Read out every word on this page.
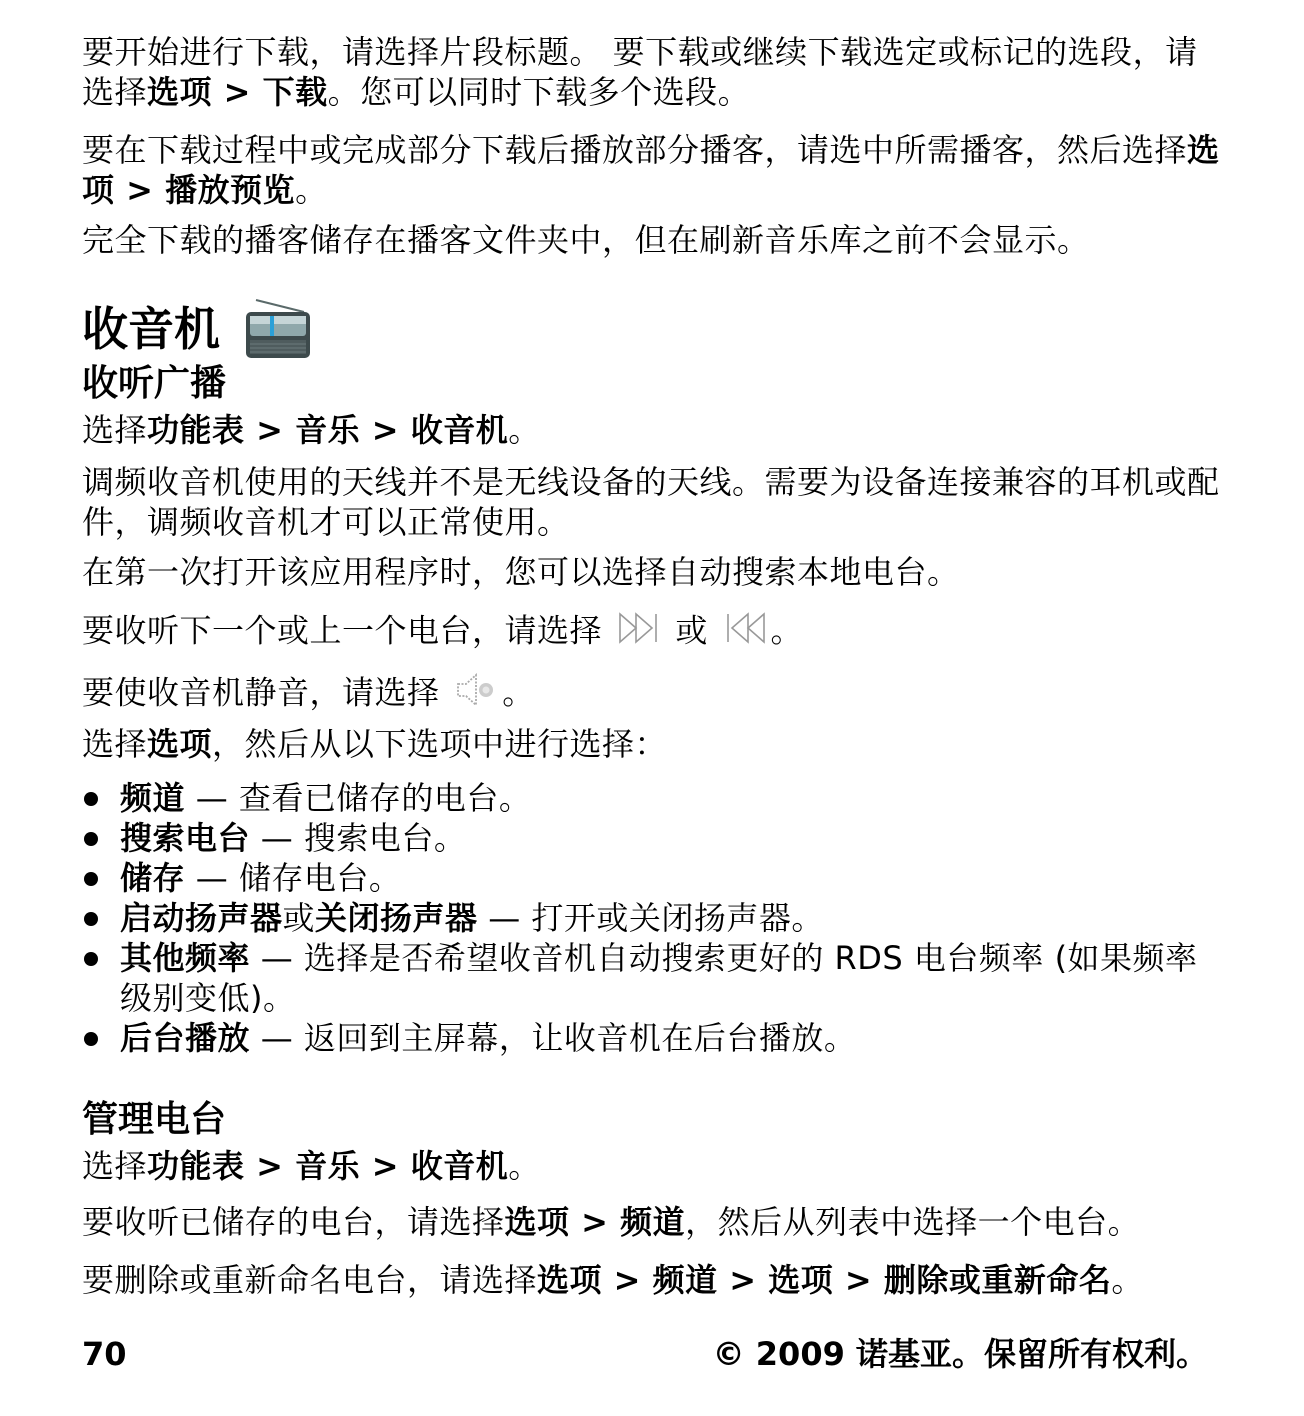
要开始进行下载，请选择片段标题。 要下载或继续下载选定或标记的选段，请选择选项 > 下载。您可以同时下载多个选段。

要在下载过程中或完成部分下载后播放部分播客，请选中所需播客，然后选择选项 > 播放预览。

完全下载的播客储存在播客文件夹中，但在刷新音乐库之前不会显示。

收音机
收听广播

选择功能表 > 音乐 > 收音机。

调频收音机使用的天线并不是无线设备的天线。需要为设备连接兼容的耳机或配件，调频收音机才可以正常使用。

在第一次打开该应用程序时，您可以选择自动搜索本地电台。

要收听下一个或上一个电台，请选择  或 。

要使收音机静音，请选择 。

选择选项，然后从以下选项中进行选择：

频道 — 查看已储存的电台。
搜索电台 — 搜索电台。
储存 — 储存电台。
启动扬声器或关闭扬声器 — 打开或关闭扬声器。
其他频率 — 选择是否希望收音机自动搜索更好的 RDS 电台频率 (如果频率级别变低)。
后台播放 — 返回到主屏幕，让收音机在后台播放。
管理电台

选择功能表 > 音乐 > 收音机。

要收听已储存的电台，请选择选项 > 频道，然后从列表中选择一个电台。

要删除或重新命名电台，请选择选项 > 频道 > 选项 > 删除或重新命名。

70	© 2009 诺基亚。保留所有权利。
